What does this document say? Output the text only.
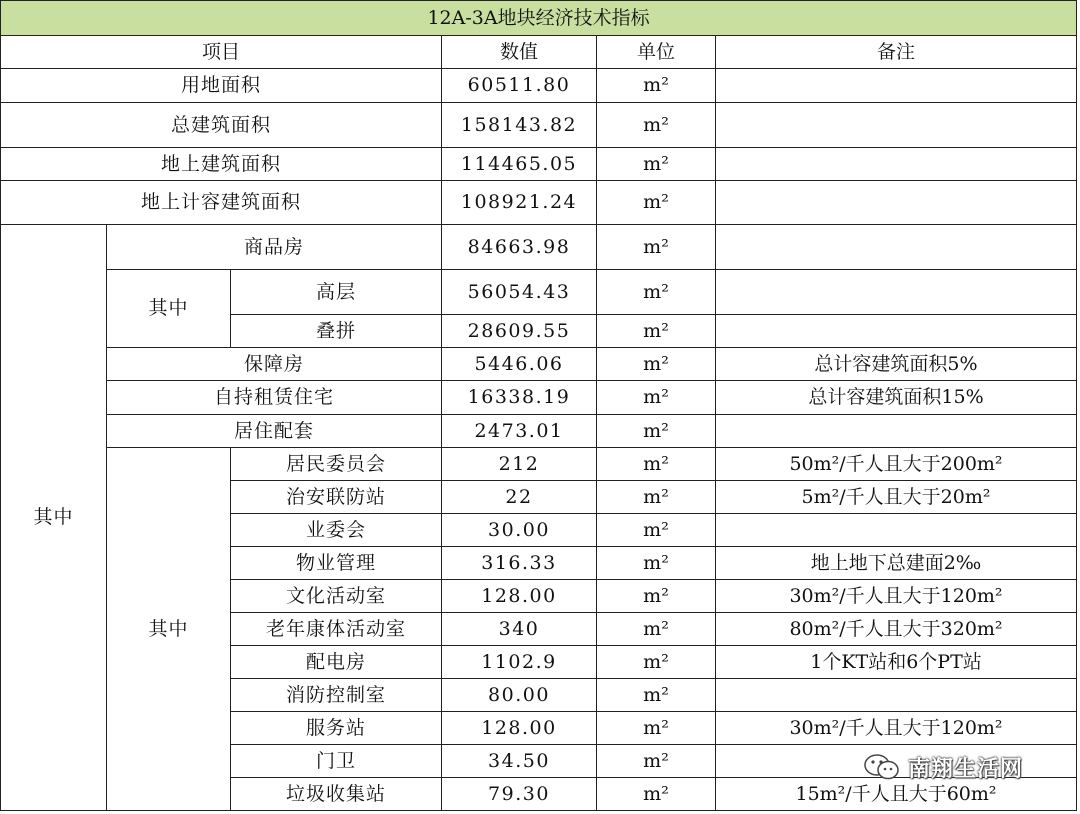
12A-3A地块经济技术指标					
项目			数值	单位	备注
用地面积			60511.80	m²	
总建筑面积			158143.82	m²	
地上建筑面积			114465.05	m²	
地上计容建筑面积			108921.24	m²	
其中	商品房		84663.98	m²	
	其中	高层	56054.43	m²	
		叠拼	28609.55	m²	
	保障房		5446.06	m²	总计容建筑面积5%
	自持租赁住宅		16338.19	m²	总计容建筑面积15%
	居住配套		2473.01	m²	
	其中	居民委员会	212	m²	50m²/千人且大于200m²
		治安联防站	22	m²	5m²/千人且大于20m²
		业委会	30.00	m²	
		物业管理	316.33	m²	地上地下总建面2‰
		文化活动室	128.00	m²	30m²/千人且大于120m²
		老年康体活动室	340	m²	80m²/千人且大于320m²
		配电房	1102.9	m²	1个KT站和6个PT站
		消防控制室	80.00	m²	
		服务站	128.00	m²	30m²/千人且大于120m²
		门卫	34.50	m²	
		垃圾收集站	79.30	m²	15m²/千人且大于60m²
南翔生活网
